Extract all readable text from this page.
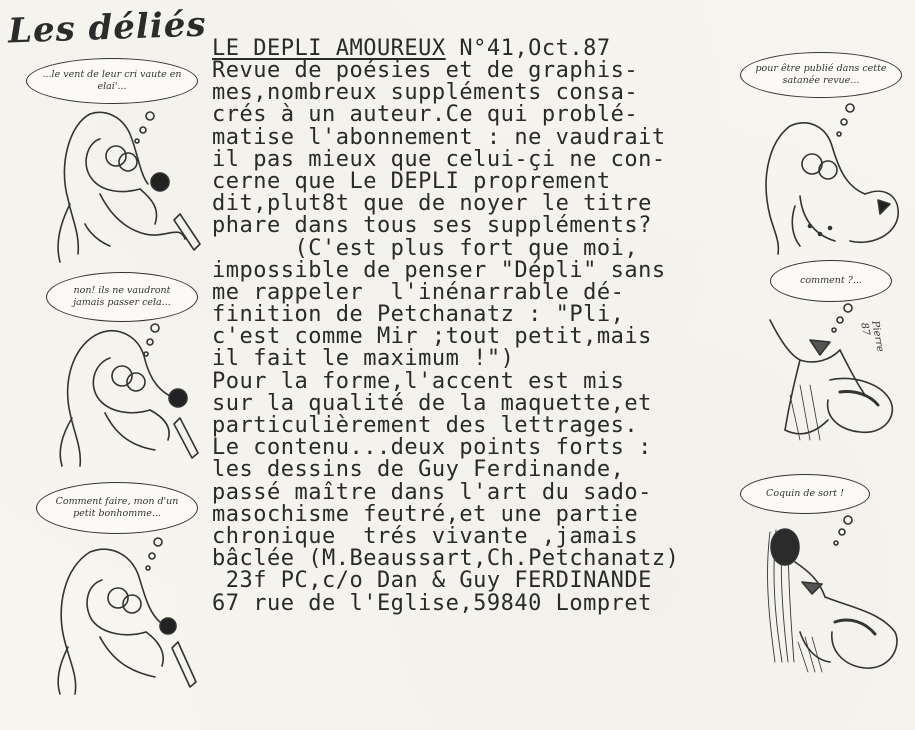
Les déliés LE DEPLI AMOUREUX N°41,Oct.87
Revue de poésies et de graphis-
mes,nombreux suppléments consa-
crés à un auteur.Ce qui problé-
matise l'abonnement : ne vaudrait
il pas mieux que celui-çi ne con-
cerne que Le DEPLI proprement
dit,plut8t que de noyer le titre
phare dans tous ses suppléments?
(C'est plus fort que moi,
impossible de penser "Dépli" sans
me rappeler  l'inénarrable dé-
finition de Petchanatz : "Pli,
c'est comme Mir ;tout petit,mais
il fait le maximum !")
Pour la forme,l'accent est mis
sur la qualité de la maquette,et
particulièrement des lettrages.
Le contenu...deux points forts :
les dessins de Guy Ferdinande,
passé maître dans l'art du sado-
masochisme feutré,et une partie
chronique  trés vivante ,jamais
bâclée (M.Beaussart,Ch.Petchanatz)
23f PC,c/o Dan & Guy FERDINANDE
67 rue de l'Eglise,59840 Lompret
...le vent de leur cri vaute en elai'...
non! ils ne vaudront jamais passer cela...
Comment faire, mon d'un petit bonhomme...
pour être publié dans cette satanée revue...
comment ?...
Pierre 87
Coquin de sort !
